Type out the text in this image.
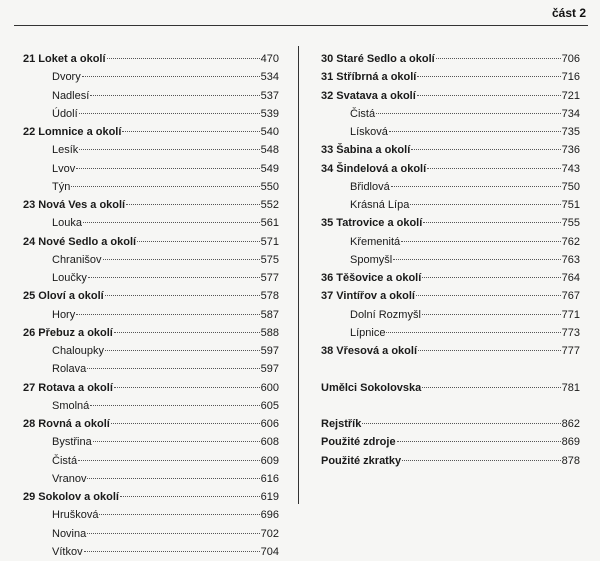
část 2
21 Loket a okolí	470
Dvory	534
Nadlesí	537
Údolí	539
22 Lomnice a okolí	540
Lesík	548
Lvov	549
Týn	550
23 Nová Ves a okolí	552
Louka	561
24 Nové Sedlo a okolí	571
Chranišov	575
Loučky	577
25 Oloví a okolí	578
Hory	587
26 Přebuz a okolí	588
Chaloupky	597
Rolava	597
27 Rotava a okolí	600
Smolná	605
28 Rovná a okolí	606
Bystřina	608
Čistá	609
Vranov	616
29 Sokolov a okolí	619
Hrušková	696
Novina	702
Vítkov	704
30 Staré Sedlo a okolí	706
31 Stříbrná a okolí	716
32 Svatava a okolí	721
Čistá	734
Lísková	735
33 Šabina a okolí	736
34 Šindelová a okolí	743
Břidlová	750
Krásná Lípa	751
35 Tatrovice a okolí	755
Křemenitá	762
Spomyšl	763
36 Těšovice a okolí	764
37 Vintířov a okolí	767
Dolní Rozmyšl	771
Lípnice	773
38 Vřesová a okolí	777
Umělci Sokolovska	781
Rejstřík	862
Použité zdroje	869
Použité zkratky	878
